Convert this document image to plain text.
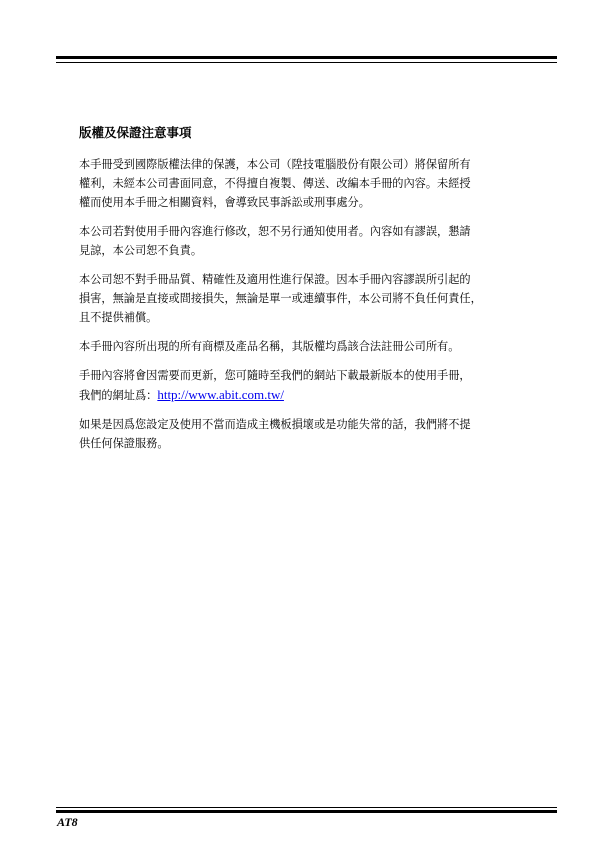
版權及保證注意事項

本手冊受到國際版權法律的保護，本公司（陞技電腦股份有限公司）將保留所有
權利，未經本公司書面同意，不得擅自複製、傳送、改編本手冊的內容。未經授
權而使用本手冊之相關資料，會導致民事訴訟或刑事處分。

本公司若對使用手冊內容進行修改，恕不另行通知使用者。內容如有謬誤，懇請
見諒，本公司恕不負責。

本公司恕不對手冊品質、精確性及適用性進行保證。因本手冊內容謬誤所引起的
損害，無論是直接或間接損失，無論是單一或連續事件，本公司將不負任何責任，
且不提供補償。

本手冊內容所出現的所有商標及產品名稱，其版權均爲該合法註冊公司所有。

手冊內容將會因需要而更新，您可隨時至我們的網站下載最新版本的使用手冊，
我們的網址爲：http://www.abit.com.tw/

如果是因爲您設定及使用不當而造成主機板損壞或是功能失常的話，我們將不提
供任何保證服務。

AT8
